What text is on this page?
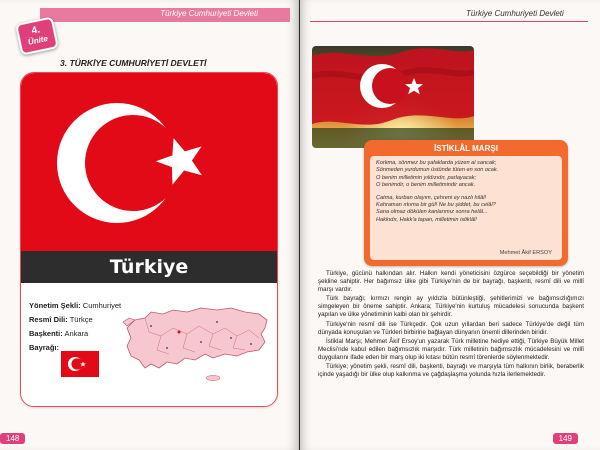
Türkiye Cumhuriyeti Devleti
4.
Ünite
3. TÜRKİYE CUMHURİYETİ DEVLETİ
Türkiye
Yönetim Şekli: Cumhuriyet
Resmî Dili: Türkçe
Başkenti: Ankara
Bayrağı:
148
Türkiye Cumhuriyeti Devleti
İSTİKLÂL MARŞI
Korkma, sönmez bu şafaklarda yüzen al sancak;
Sönmeden yurdumun üstünde tüten en son ocak.
O benim milletimin yıldızıdır, parlayacak;
O benimdir, o benim milletimindir ancak.
Çatma, kurban olayım, çehreni ey nazlı hilâl!
Kahraman ırkıma bir gül! Ne bu şiddet, bu celâl?
Sana olmaz dökülen kanlarımız sonra helâl...
Hakkıdır, Hakk'a tapan, milletimin istiklâl!
Mehmet Âkif ERSOY

Türkiye, gücünü halkından alır. Halkın kendi yöneticisini özgürce seçebildiği bir yönetim şekline sahiptir. Her bağımsız ülke gibi Türkiye'nin de bir bayrağı, başkenti, resmî dili ve millî marşı vardır.

Türk bayrağı; kırmızı rengin ay yıldızla bütünleştiği, şehitlerimizi ve bağımsızlığımızı simgeleyen bir öneme sahiptir. Ankara; Türkiye'nin kurtuluş mücadelesi sonucunda başkent yapılan ve ülke yönetiminin kalbi olan bir şehirdir.

Türkiye'nin resmî dili ise Türkçedir. Çok uzun yıllardan beri sadece Türkiye'de değil tüm dünyada konuşulan ve Türkleri birbirine bağlayan dünyanın önemli dillerinden biridir.

İstiklal Marşı; Mehmet Âkif Ersoy'un yazarak Türk milletine hediye ettiği, Türkiye Büyük Millet Meclisi'nde kabul edilen bağımsızlık marşıdır. Türk milletinin bağımsızlık mücadelesini ve millî duygularını ifade eden bir marş olup iki kıtası bütün resmî törenlerde söylenmektedir.

Türkiye; yönetim şekli, resmî dili, başkenti, bayrağı ve marşıyla tüm halkının birlik, beraberlik içinde yaşadığı bir ülke olup kalkınma ve çağdaşlaşma yolunda hızla ilerlemektedir.

149
